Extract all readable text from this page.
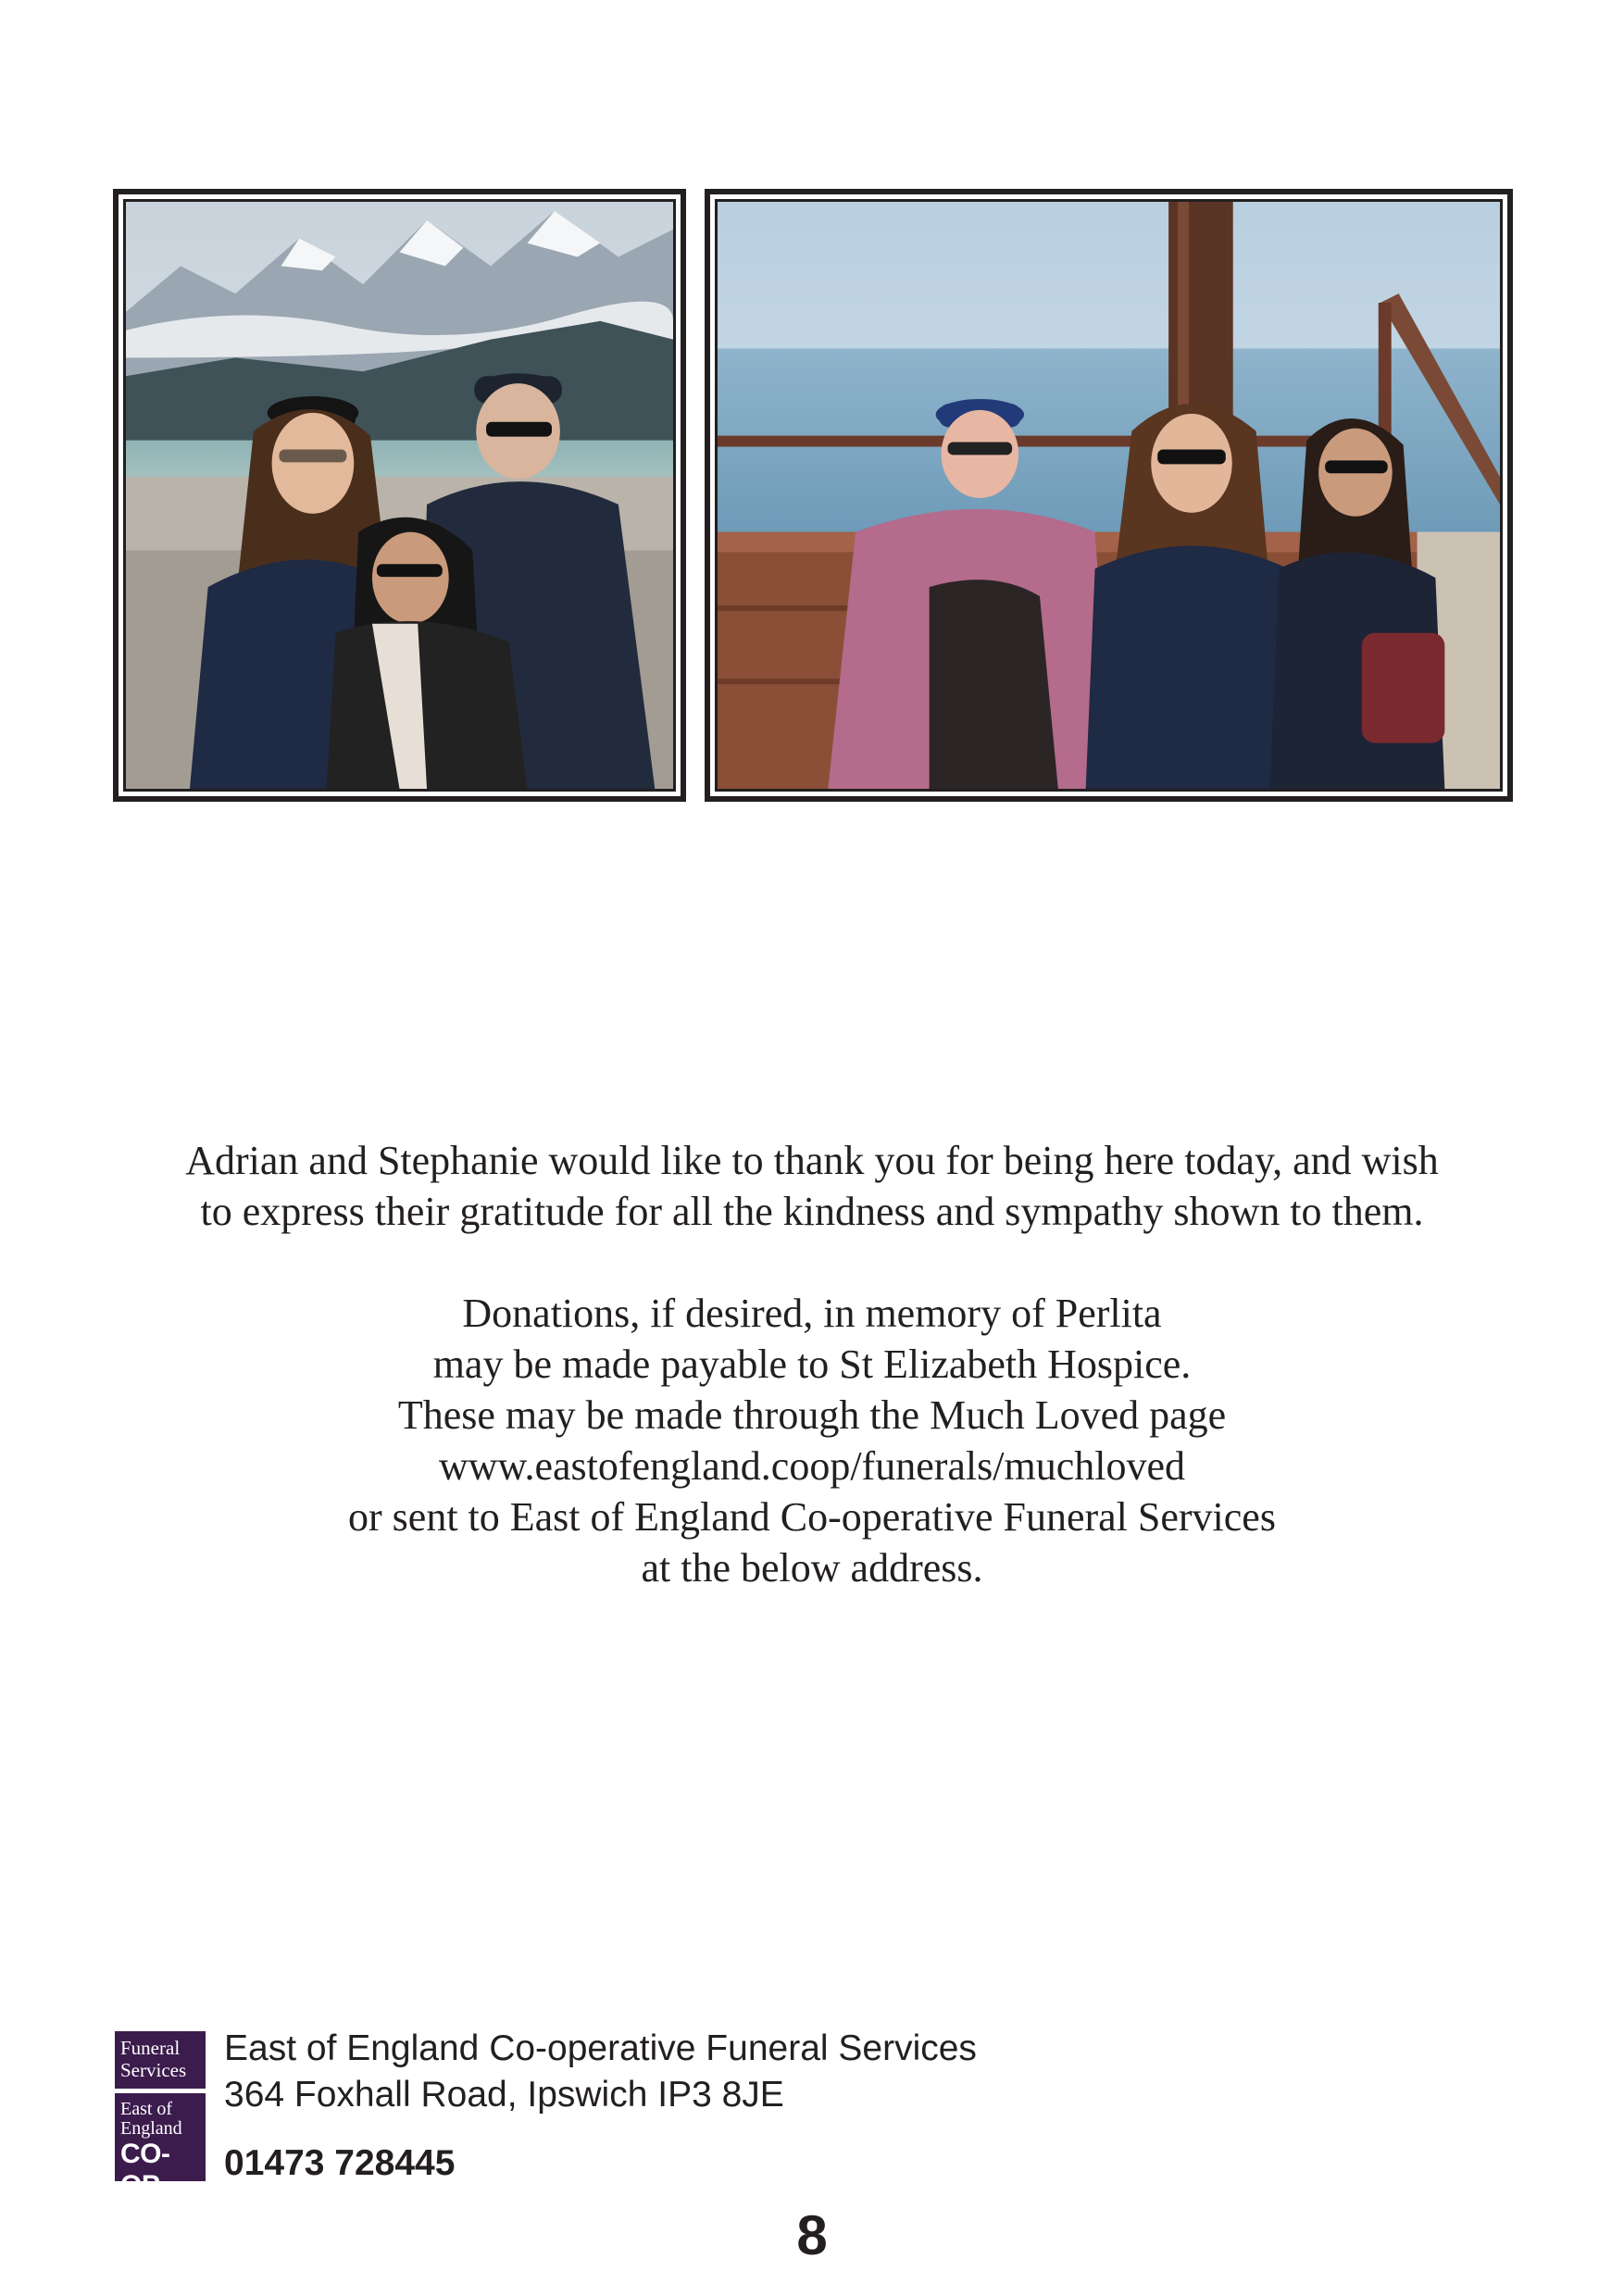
Adrian and Stephanie would like to thank you for being here today, and wish
to express their gratitude for all the kindness and sympathy shown to them.
Donations, if desired, in memory of Perlita
may be made payable to St Elizabeth Hospice.
These may be made through the Much Loved page
www.eastofengland.coop/funerals/muchloved
or sent to East of England Co-operative Funeral Services
at the below address.
Funeral
Services
East of
England
CO-OP
East of England Co-operative Funeral Services
364 Foxhall Road, Ipswich IP3 8JE
01473 728445
8
